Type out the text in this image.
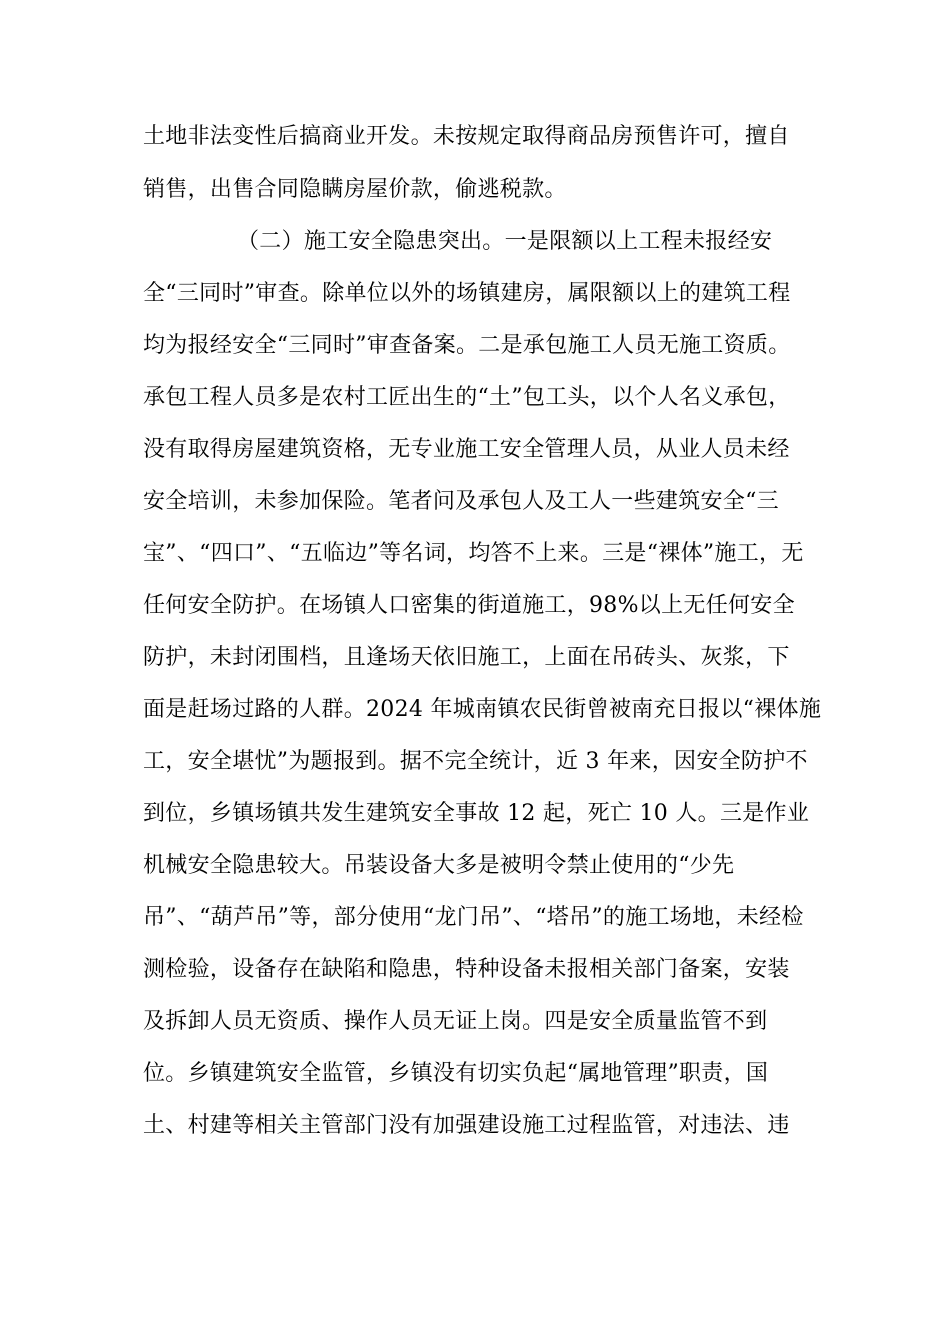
土地非法变性后搞商业开发。未按规定取得商品房预售许可，擅自
销售，出售合同隐瞒房屋价款，偷逃税款。
（二）施工安全隐患突出。一是限额以上工程未报经安
全“三同时”审查。除单位以外的场镇建房，属限额以上的建筑工程
均为报经安全“三同时”审查备案。二是承包施工人员无施工资质。
承包工程人员多是农村工匠出生的“土”包工头，以个人名义承包，
没有取得房屋建筑资格，无专业施工安全管理人员，从业人员未经
安全培训，未参加保险。笔者问及承包人及工人一些建筑安全“三
宝”、“四口”、“五临边”等名词，均答不上来。三是“裸体”施工，无
任何安全防护。在场镇人口密集的街道施工，98%以上无任何安全
防护，未封闭围档，且逢场天依旧施工，上面在吊砖头、灰浆，下
面是赶场过路的人群。2024 年城南镇农民街曾被南充日报以“裸体施
工，安全堪忧”为题报到。据不完全统计，近 3 年来，因安全防护不
到位，乡镇场镇共发生建筑安全事故 12 起，死亡 10 人。三是作业
机械安全隐患较大。吊装设备大多是被明令禁止使用的“少先
吊”、“葫芦吊”等，部分使用“龙门吊”、“塔吊”的施工场地，未经检
测检验，设备存在缺陷和隐患，特种设备未报相关部门备案，安装
及拆卸人员无资质、操作人员无证上岗。四是安全质量监管不到
位。乡镇建筑安全监管，乡镇没有切实负起“属地管理”职责，国
土、村建等相关主管部门没有加强建设施工过程监管，对违法、违
